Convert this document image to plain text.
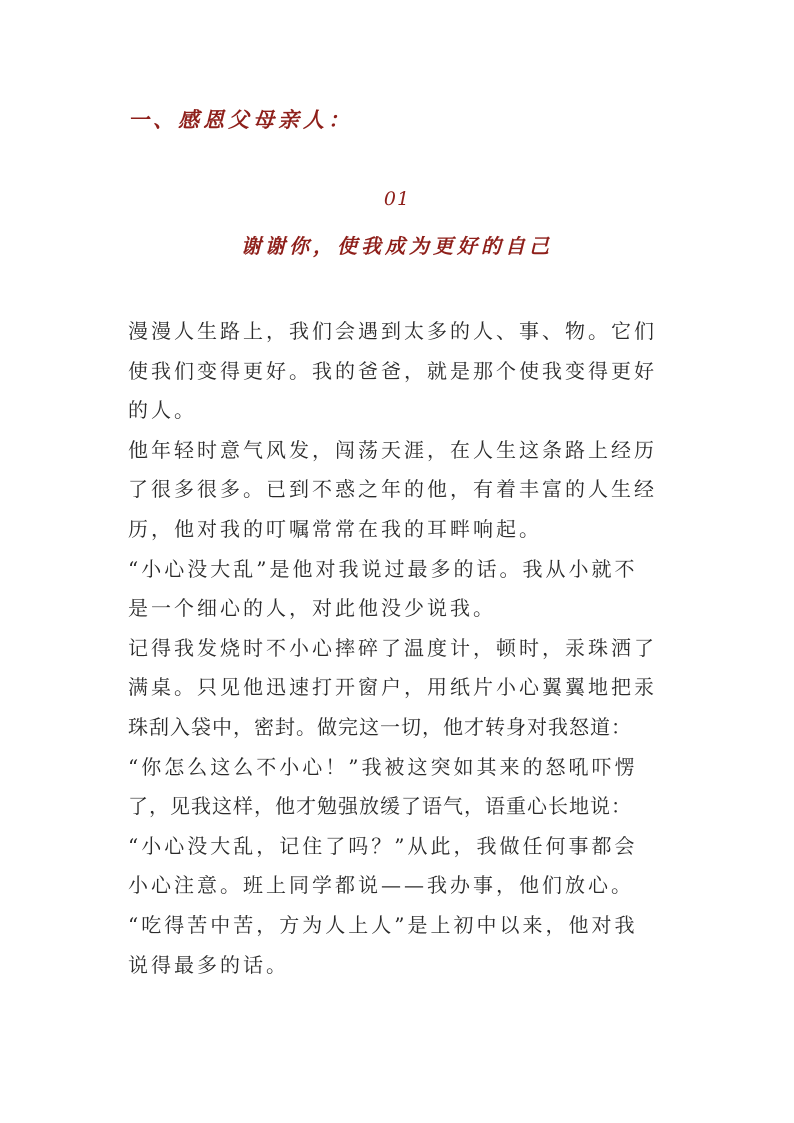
一、感恩父母亲人：
01
谢谢你，使我成为更好的自己
漫漫人生路上，我们会遇到太多的人、事、物。它们
使我们变得更好。我的爸爸，就是那个使我变得更好
的人。
他年轻时意气风发，闯荡天涯，在人生这条路上经历
了很多很多。已到不惑之年的他，有着丰富的人生经
历，他对我的叮嘱常常在我的耳畔响起。
“小心没大乱”是他对我说过最多的话。我从小就不
是一个细心的人，对此他没少说我。
记得我发烧时不小心摔碎了温度计，顿时，汞珠洒了
满桌。只见他迅速打开窗户，用纸片小心翼翼地把汞
珠刮入袋中，密封。做完这一切，他才转身对我怒道：
“你怎么这么不小心！”我被这突如其来的怒吼吓愣
了，见我这样，他才勉强放缓了语气，语重心长地说：
“小心没大乱，记住了吗？”从此，我做任何事都会
小心注意。班上同学都说——我办事，他们放心。
“吃得苦中苦，方为人上人”是上初中以来，他对我
说得最多的话。
